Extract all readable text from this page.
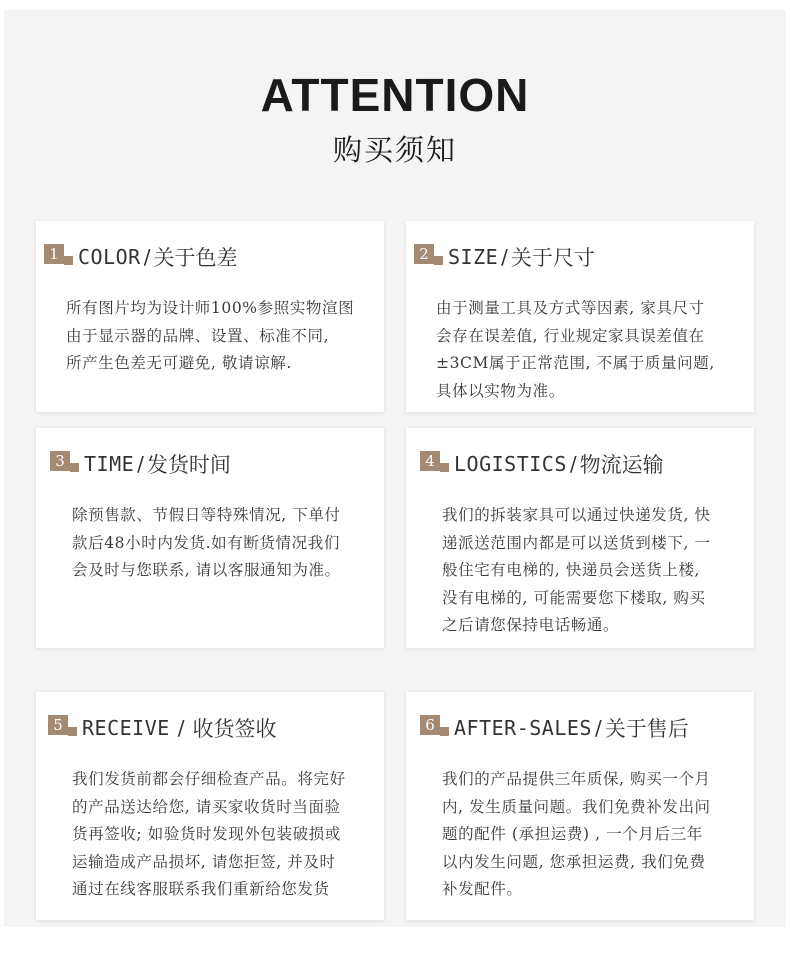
ATTENTION
购买须知
1 COLOR / 关于色差
所有图片均为设计师100%参照实物渲图
由于显示器的品牌、设置、标准不同,
所产生色差无可避免, 敬请谅解.
2 SIZE / 关于尺寸
由于测量工具及方式等因素, 家具尺寸
会存在误差值, 行业规定家具误差值在
±3CM属于正常范围, 不属于质量问题,
具体以实物为准。
3 TIME / 发货时间
除预售款、节假日等特殊情况, 下单付
款后48小时内发货.如有断货情况我们
会及时与您联系, 请以客服通知为准。
4 LOGISTICS / 物流运输
我们的拆装家具可以通过快递发货, 快
递派送范围内都是可以送货到楼下, 一
般住宅有电梯的, 快递员会送货上楼,
没有电梯的, 可能需要您下楼取, 购买
之后请您保持电话畅通。
5 RECEIVE / 收货签收
我们发货前都会仔细检查产品。将完好
的产品送达给您, 请买家收货时当面验
货再签收; 如验货时发现外包装破损或
运输造成产品损坏, 请您拒签, 并及时
通过在线客服联系我们重新给您发货
6 AFTER-SALES / 关于售后
我们的产品提供三年质保, 购买一个月
内, 发生质量问题。我们免费补发出问
题的配件 (承担运费) , 一个月后三年
以内发生问题, 您承担运费, 我们免费
补发配件。
